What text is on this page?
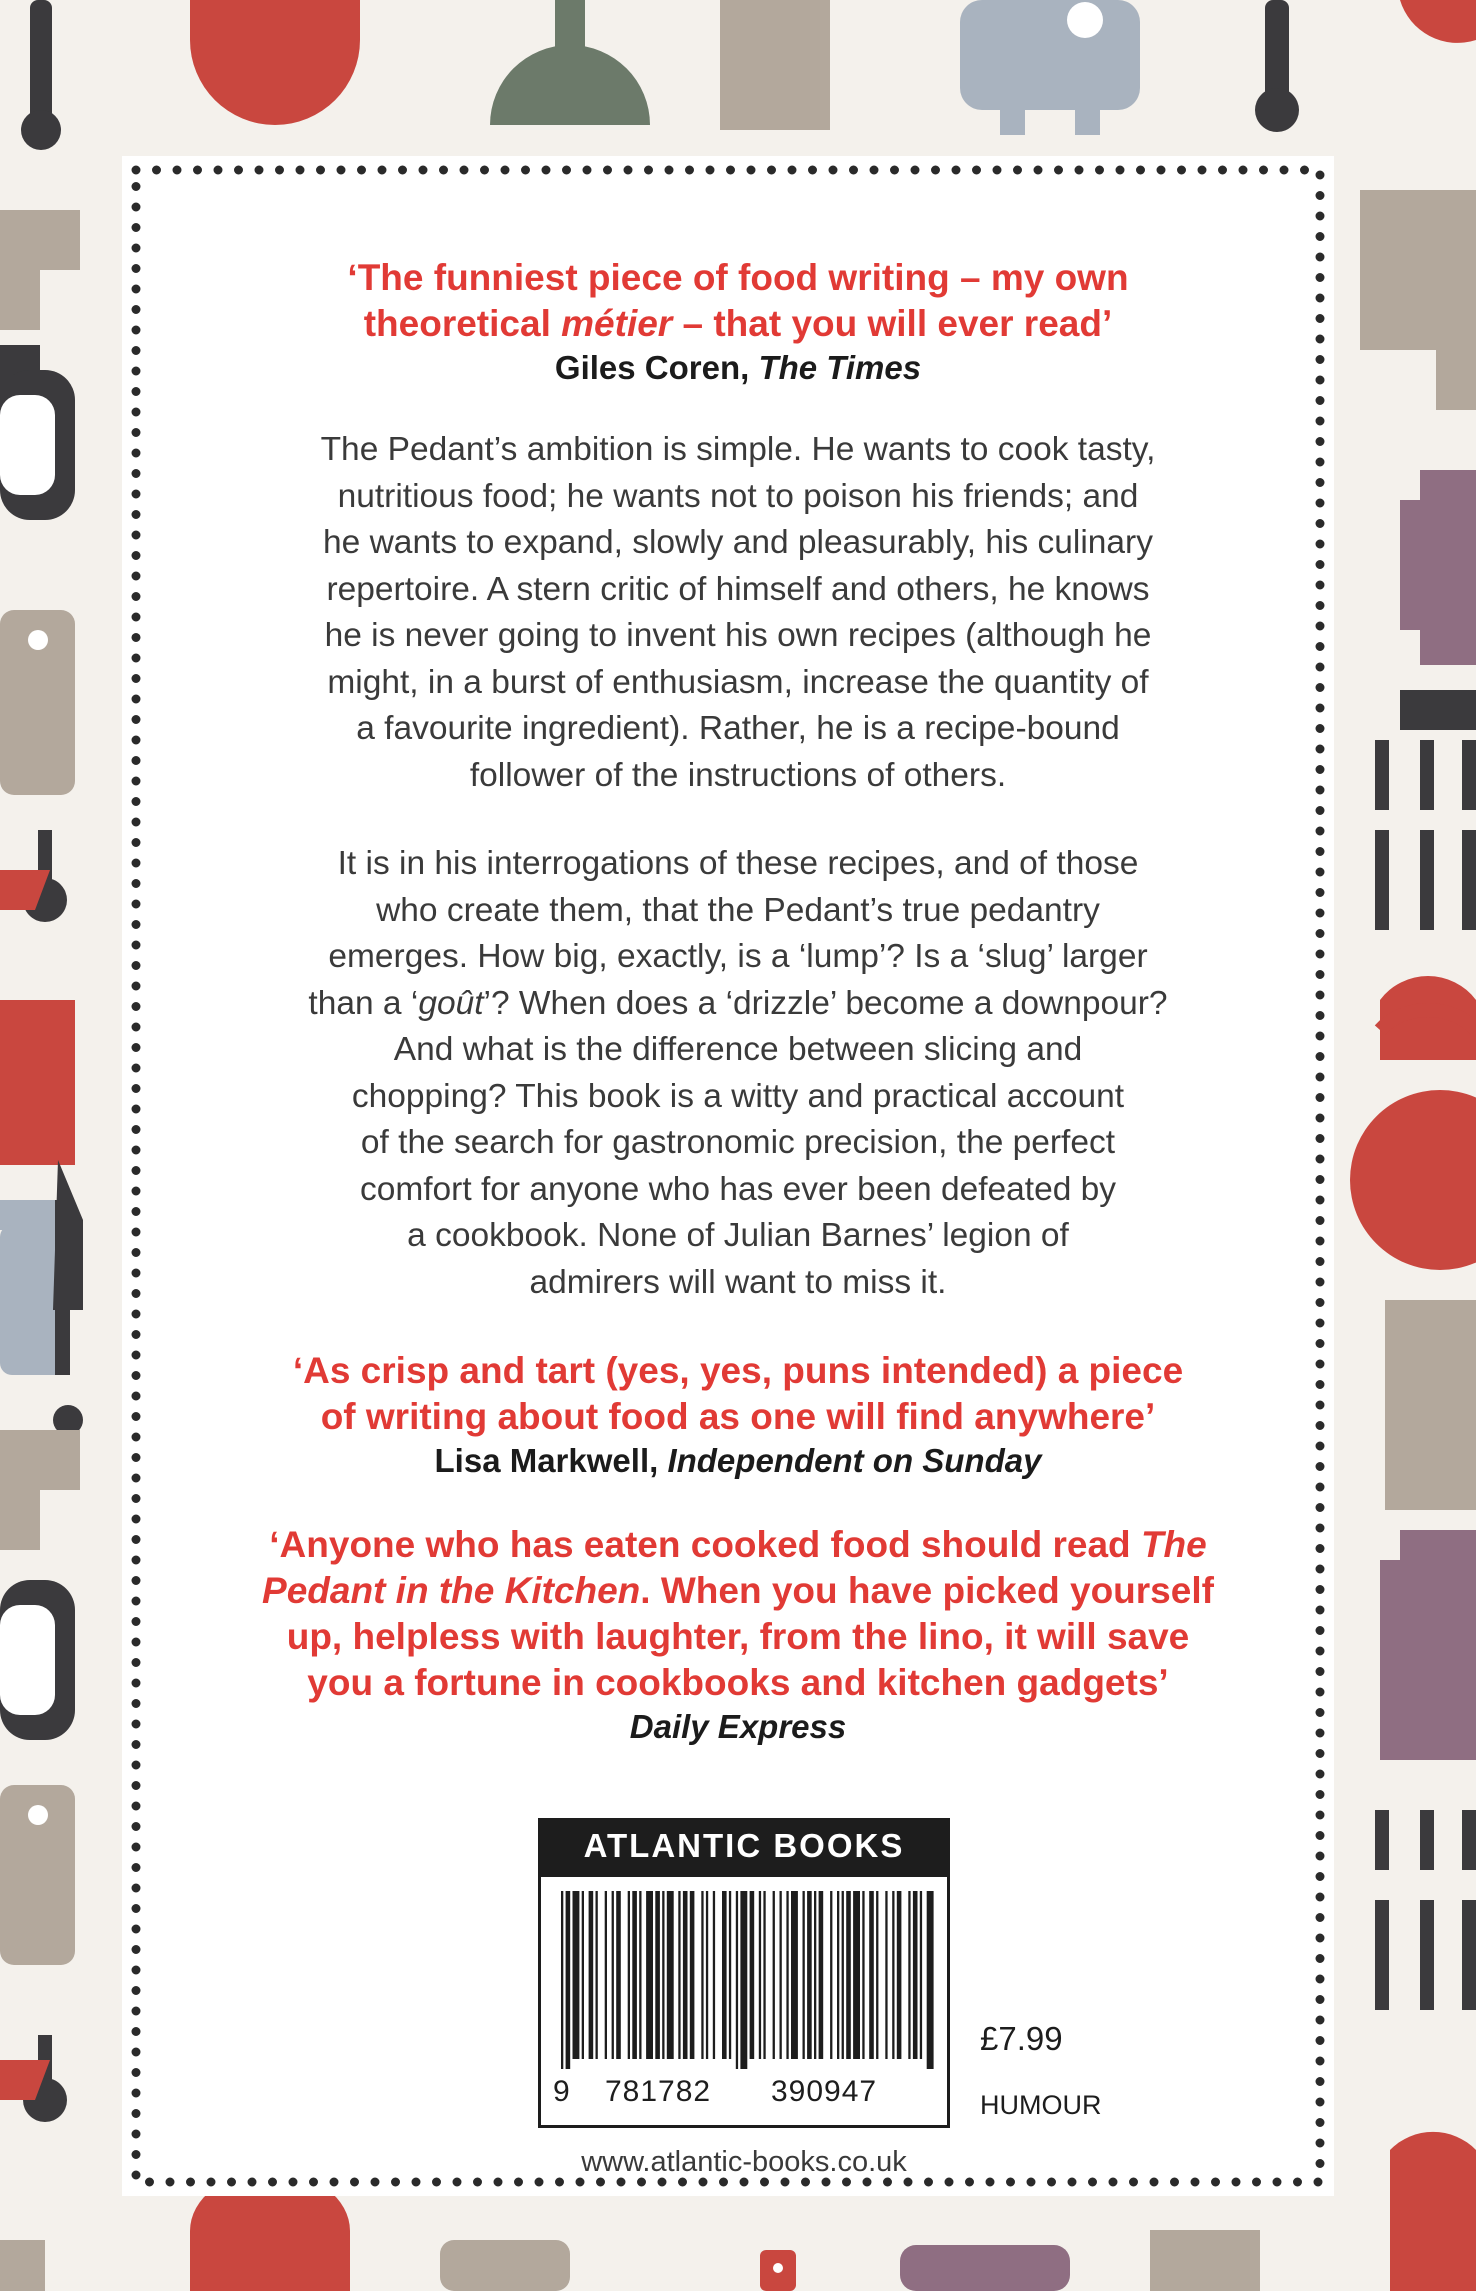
‘The funniest piece of food writing – my own
theoretical métier – that you will ever read’

Giles Coren, The Times

The Pedant’s ambition is simple. He wants to cook tasty,
nutritious food; he wants not to poison his friends; and
he wants to expand, slowly and pleasurably, his culinary
repertoire. A stern critic of himself and others, he knows
he is never going to invent his own recipes (although he
might, in a burst of enthusiasm, increase the quantity of
a favourite ingredient). Rather, he is a recipe-bound
follower of the instructions of others.

It is in his interrogations of these recipes, and of those
who create them, that the Pedant’s true pedantry
emerges. How big, exactly, is a ‘lump’? Is a ‘slug’ larger
than a ‘goût’? When does a ‘drizzle’ become a downpour?
And what is the difference between slicing and
chopping? This book is a witty and practical account
of the search for gastronomic precision, the perfect
comfort for anyone who has ever been defeated by
a cookbook. None of Julian Barnes’ legion of
admirers will want to miss it.

‘As crisp and tart (yes, yes, puns intended) a piece
of writing about food as one will find anywhere’

Lisa Markwell, Independent on Sunday

‘Anyone who has eaten cooked food should read The
Pedant in the Kitchen. When you have picked yourself
up, helpless with laughter, from the lino, it will save
you a fortune in cookbooks and kitchen gadgets’

Daily Express

ATLANTIC BOOKS
9 781782 390947
£7.99
HUMOUR
www.atlantic-books.co.uk
